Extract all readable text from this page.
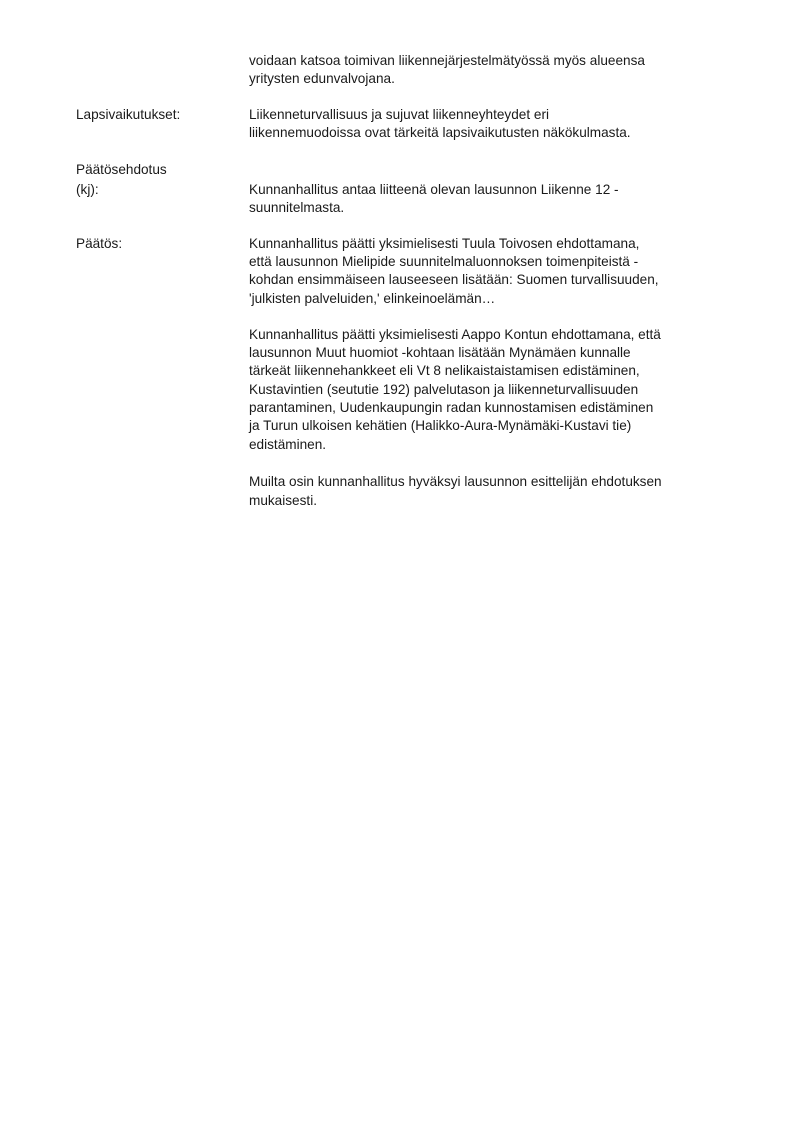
voidaan katsoa toimivan liikennejärjestelmätyössä myös alueensa
yritysten edunvalvojana.
Lapsivaikutukset:	Liikenneturvallisuus ja sujuvat liikenneyhteydet eri
liikennemuodoissa ovat tärkeitä lapsivaikutusten näkökulmasta.
Päätösehdotus
(kj):	Kunnanhallitus antaa liitteenä olevan lausunnon Liikenne 12 -
suunnitelmasta.
Päätös:	Kunnanhallitus päätti yksimielisesti Tuula Toivosen ehdottamana,
että lausunnon Mielipide suunnitelmaluonnoksen toimenpiteistä -
kohdan ensimmäiseen lauseeseen lisätään: Suomen turvallisuuden,
'julkisten palveluiden,' elinkeinoelämän…
Kunnanhallitus päätti yksimielisesti Aappo Kontun ehdottamana, että
lausunnon Muut huomiot -kohtaan lisätään Mynämäen kunnalle
tärkeät liikennehankkeet eli Vt 8 nelikaistaistamisen edistäminen,
Kustavintien (seututie 192) palvelutason ja liikenneturvallisuuden
parantaminen, Uudenkaupungin radan kunnostamisen edistäminen
ja Turun ulkoisen kehätien (Halikko-Aura-Mynämäki-Kustavi tie)
edistäminen.
Muilta osin kunnanhallitus hyväksyi lausunnon esittelijän ehdotuksen
mukaisesti.
